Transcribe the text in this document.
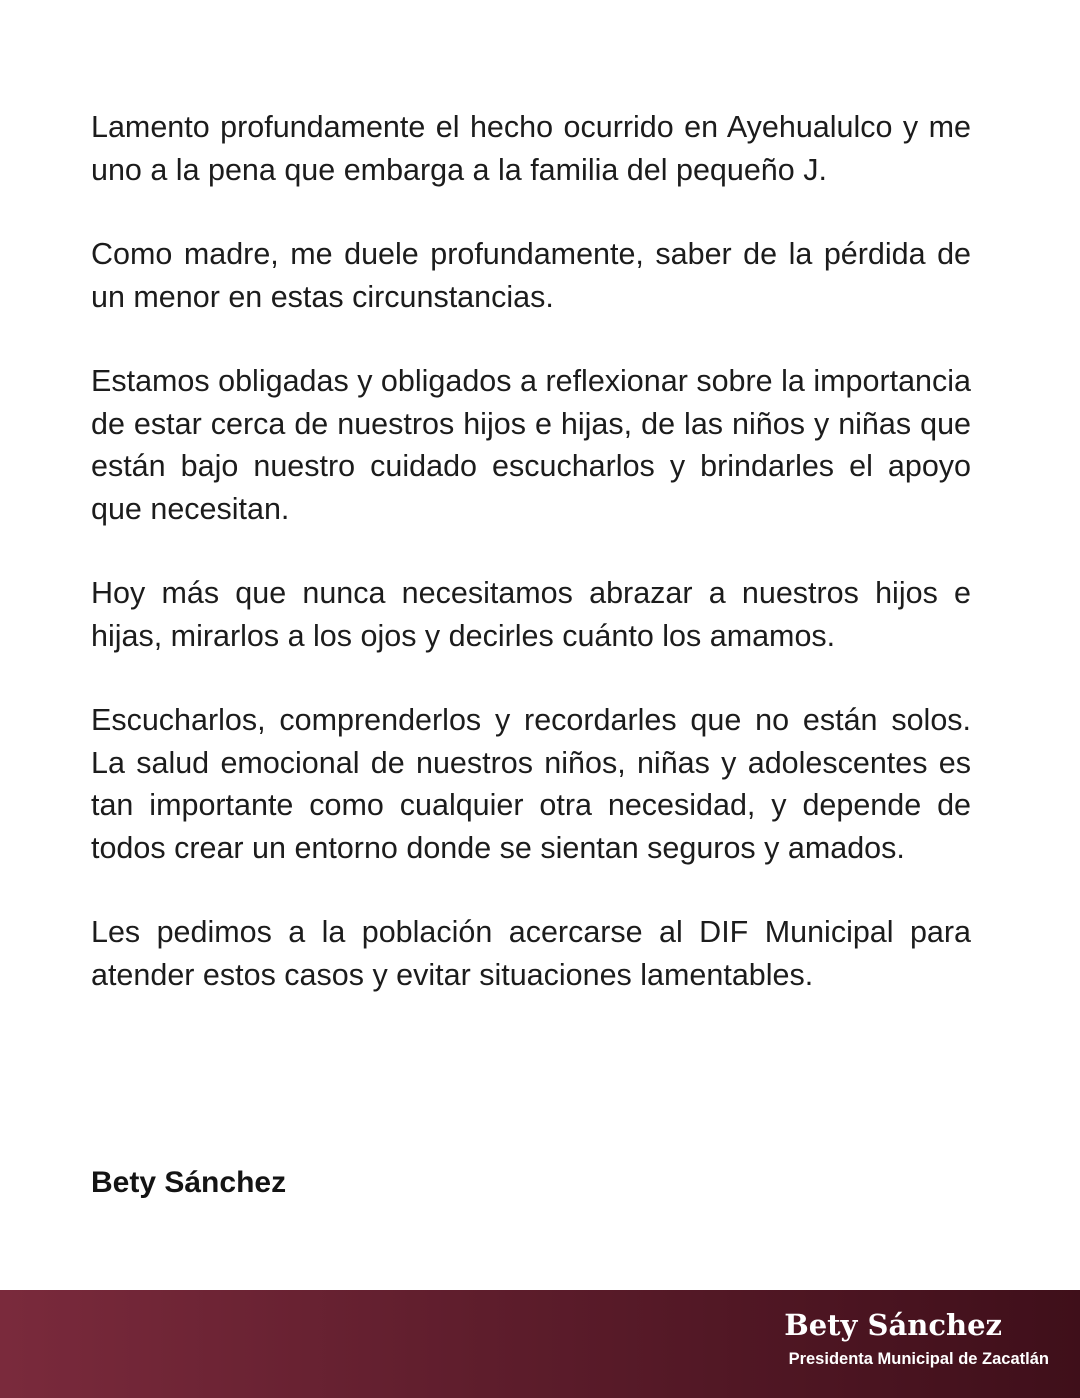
Lamento profundamente el hecho ocurrido en Ayehualulco y me uno a la pena que embarga a la familia del pequeño J.

Como madre, me duele profundamente, saber de la pérdida de un menor en estas circunstancias.

Estamos obligadas y obligados a reflexionar sobre la importancia de estar cerca de nuestros hijos e hijas, de las niños y niñas que están bajo nuestro cuidado escucharlos y brindarles el apoyo que necesitan.

Hoy más que nunca necesitamos abrazar a nuestros hijos e hijas, mirarlos a los ojos y decirles cuánto los amamos.

Escucharlos, comprenderlos y recordarles que no están solos. La salud emocional de nuestros niños, niñas y adolescentes es tan importante como cualquier otra necesidad, y depende de todos crear un entorno donde se sientan seguros y amados.

Les pedimos a la población acercarse al DIF Municipal para atender estos casos y evitar situaciones lamentables.

Bety Sánchez

Bety Sánchez

Presidenta Municipal de Zacatlán
